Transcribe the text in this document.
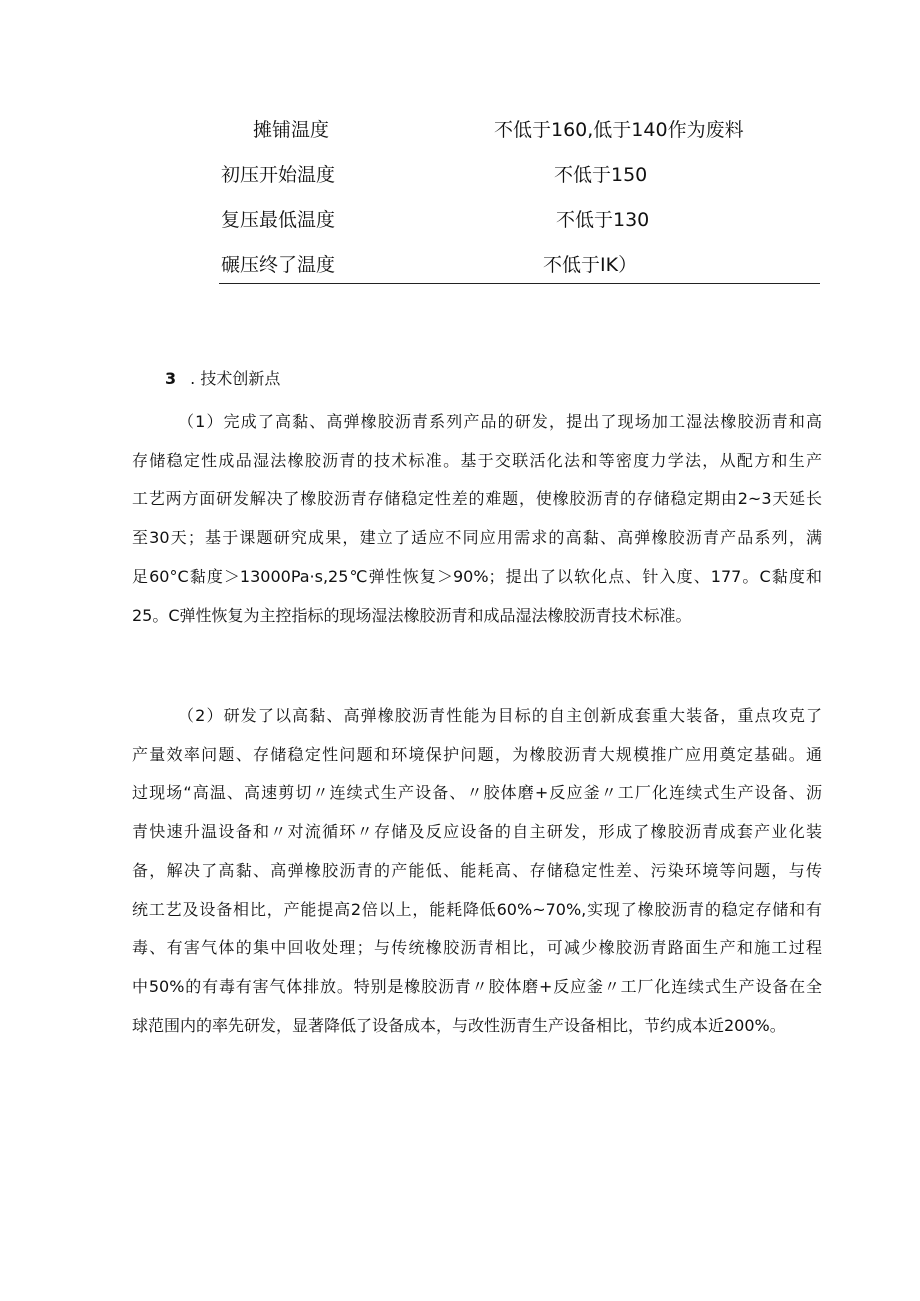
摊铺温度	不低于160,低于140作为废料
初压开始温度	不低于150
复压最低温度	不低于130
碾压终了温度	不低于IK）
3 . 技术创新点
（1）完成了高黏、高弹橡胶沥青系列产品的研发，提出了现场加工湿法橡胶沥青和高
存储稳定性成品湿法橡胶沥青的技术标准。基于交联活化法和等密度力学法，从配方和生产
工艺两方面研发解决了橡胶沥青存储稳定性差的难题，使橡胶沥青的存储稳定期由2~3天延长
至30天；基于课题研究成果，建立了适应不同应用需求的高黏、高弹橡胶沥青产品系列，满
足60°C黏度＞13000Pa·s,25℃弹性恢复＞90%；提出了以软化点、针入度、177。C黏度和
25。C弹性恢复为主控指标的现场湿法橡胶沥青和成品湿法橡胶沥青技术标准。
（2）研发了以高黏、高弹橡胶沥青性能为目标的自主创新成套重大装备，重点攻克了
产量效率问题、存储稳定性问题和环境保护问题，为橡胶沥青大规模推广应用奠定基础。通
过现场“高温、高速剪切〃连续式生产设备、〃胶体磨+反应釜〃工厂化连续式生产设备、沥
青快速升温设备和〃对流循环〃存储及反应设备的自主研发，形成了橡胶沥青成套产业化装
备，解决了高黏、高弹橡胶沥青的产能低、能耗高、存储稳定性差、污染环境等问题，与传
统工艺及设备相比，产能提高2倍以上，能耗降低60%~70%,实现了橡胶沥青的稳定存储和有
毒、有害气体的集中回收处理；与传统橡胶沥青相比，可减少橡胶沥青路面生产和施工过程
中50%的有毒有害气体排放。特别是橡胶沥青〃胶体磨+反应釜〃工厂化连续式生产设备在全
球范围内的率先研发，显著降低了设备成本，与改性沥青生产设备相比，节约成本近200%。
